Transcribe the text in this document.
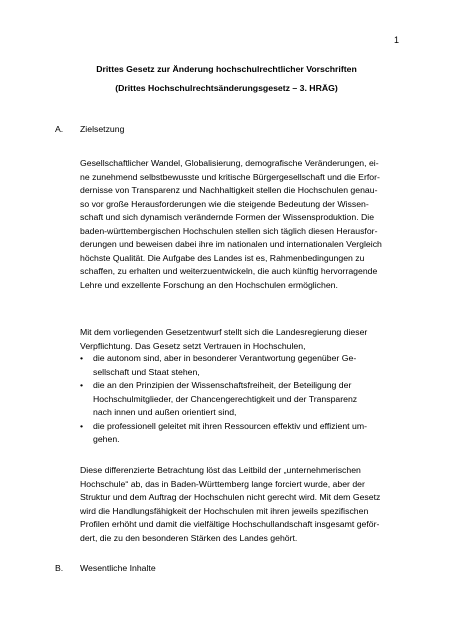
1
Drittes Gesetz zur Änderung hochschulrechtlicher Vorschriften
(Drittes Hochschulrechtsänderungsgesetz – 3. HRÄG)
A.	Zielsetzung
Gesellschaftlicher Wandel, Globalisierung, demografische Veränderungen, ei-
ne zunehmend selbstbewusste und kritische Bürgergesellschaft und die Erfor-
dernisse von Transparenz und Nachhaltigkeit stellen die Hochschulen genau-
so vor große Herausforderungen wie die steigende Bedeutung der Wissen-
schaft und sich dynamisch verändernde Formen der Wissensproduktion. Die
baden-württembergischen Hochschulen stellen sich täglich diesen Herausfor-
derungen und beweisen dabei ihre im nationalen und internationalen Vergleich
höchste Qualität. Die Aufgabe des Landes ist es, Rahmenbedingungen zu
schaffen, zu erhalten und weiterzuentwickeln, die auch künftig hervorragende
Lehre und exzellente Forschung an den Hochschulen ermöglichen.
Mit dem vorliegenden Gesetzentwurf stellt sich die Landesregierung dieser
Verpflichtung. Das Gesetz setzt Vertrauen in Hochschulen,
• die autonom sind, aber in besonderer Verantwortung gegenüber Ge-
sellschaft und Staat stehen,
• die an den Prinzipien der Wissenschaftsfreiheit, der Beteiligung der
Hochschulmitglieder, der Chancengerechtigkeit und der Transparenz
nach innen und außen orientiert sind,
• die professionell geleitet mit ihren Ressourcen effektiv und effizient um-
gehen.
Diese differenzierte Betrachtung löst das Leitbild der „unternehmerischen
Hochschule“ ab, das in Baden-Württemberg lange forciert wurde, aber der
Struktur und dem Auftrag der Hochschulen nicht gerecht wird. Mit dem Gesetz
wird die Handlungsfähigkeit der Hochschulen mit ihren jeweils spezifischen
Profilen erhöht und damit die vielfältige Hochschullandschaft insgesamt geför-
dert, die zu den besonderen Stärken des Landes gehört.
B.	Wesentliche Inhalte
